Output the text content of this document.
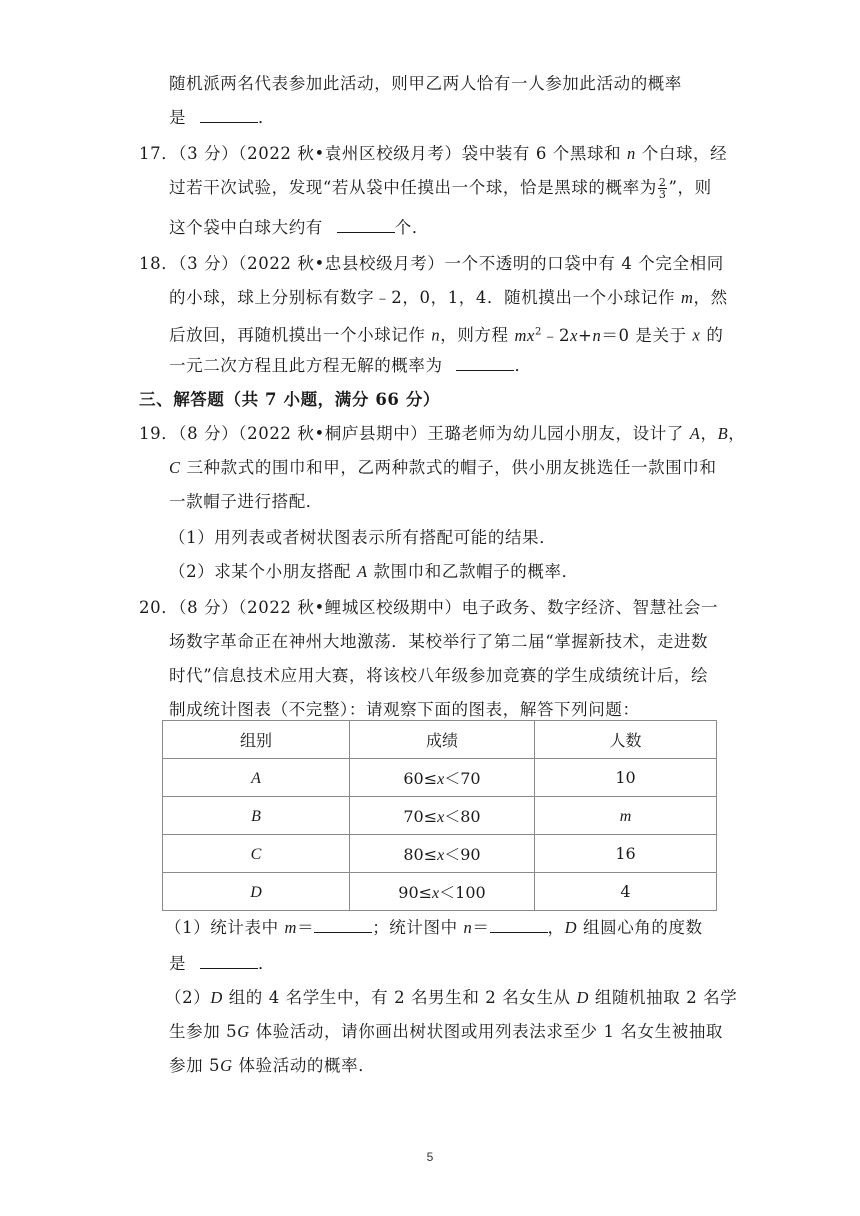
随机派两名代表参加此活动，则甲乙两人恰有一人参加此活动的概率
是	．
17．（3 分）（2022 秋•袁州区校级月考）袋中装有 6 个黑球和 n 个白球，经
过若干次试验，发现“若从袋中任摸出一个球，恰是黑球的概率为 $\frac{2}{3}$ ”，则
这个袋中白球大约有	个．
18．（3 分）（2022 秋•忠县校级月考）一个不透明的口袋中有 4 个完全相同
的小球，球上分别标有数字﹣2，0，1，4．随机摸出一个小球记作 m，然
后放回，再随机摸出一个小球记作 n，则方程 $mx^2﹣2x+n=0$ 是关于 x 的
一元二次方程且此方程无解的概率为	．
三、解答题（共 7 小题，满分 66 分）
19．（8 分）（2022 秋•桐庐县期中）王璐老师为幼儿园小朋友，设计了 A，B，
C 三种款式的围巾和甲，乙两种款式的帽子，供小朋友挑选任一款围巾和
一款帽子进行搭配．
（1）用列表或者树状图表示所有搭配可能的结果．
（2）求某个小朋友搭配 A 款围巾和乙款帽子的概率．
20．（8 分）（2022 秋•鲤城区校级期中）电子政务、数字经济、智慧社会一
场数字革命正在神州大地激荡．某校举行了第二届“掌握新技术，走进数
时代”信息技术应用大赛，将该校八年级参加竞赛的学生成绩统计后，绘
制成统计图表（不完整）：请观察下面的图表，解答下列问题：
组别	成绩	人数
A	60≤x＜70	10
B	70≤x＜80	m
C	80≤x＜90	16
D	90≤x＜100	4
（1）统计表中 m＝	；统计图中 n＝	，D 组圆心角的度数
是	．
（2）D 组的 4 名学生中，有 2 名男生和 2 名女生从 D 组随机抽取 2 名学
生参加 5G 体验活动，请你画出树状图或用列表法求至少 1 名女生被抽取
参加 5G 体验活动的概率．
5
